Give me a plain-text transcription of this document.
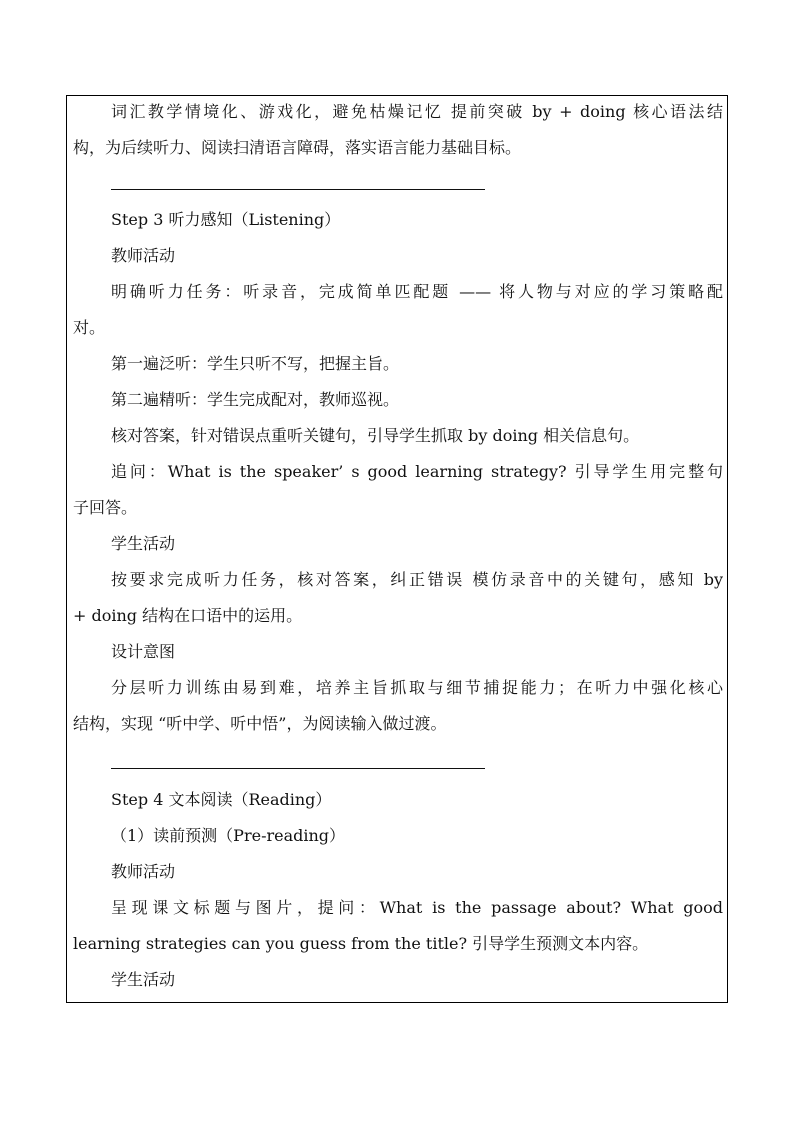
词汇教学情境化、游戏化，避免枯燥记忆 提前突破 by + doing 核心语法结
构，为后续听力、阅读扫清语言障碍，落实语言能力基础目标。
Step 3 听力感知（Listening）
教师活动
明确听力任务：听录音，完成简单匹配题 —— 将人物与对应的学习策略配
对。
第一遍泛听：学生只听不写，把握主旨。
第二遍精听：学生完成配对，教师巡视。
核对答案，针对错误点重听关键句，引导学生抓取 by doing 相关信息句。
追问：What is the speaker’ s good learning strategy? 引导学生用完整句
子回答。
学生活动
按要求完成听力任务，核对答案，纠正错误 模仿录音中的关键句，感知 by
+ doing 结构在口语中的运用。
设计意图
分层听力训练由易到难，培养主旨抓取与细节捕捉能力；在听力中强化核心
结构，实现 “听中学、听中悟”，为阅读输入做过渡。
Step 4 文本阅读（Reading）
（1）读前预测（Pre-reading）
教师活动
呈现课文标题与图片，提问：What is the passage about? What good
learning strategies can you guess from the title? 引导学生预测文本内容。
学生活动
